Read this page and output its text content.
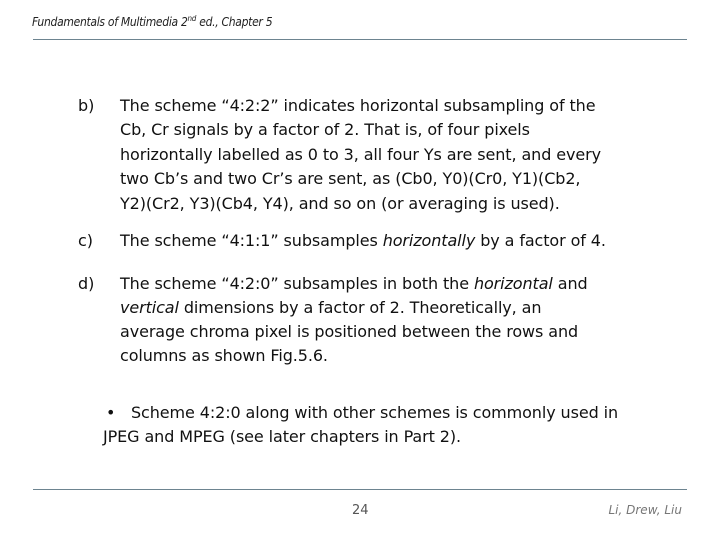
Fundamentals of Multimedia 2nd ed., Chapter 5
b) The scheme “4:2:2” indicates horizontal subsampling of the
Cb, Cr signals by a factor of 2. That is, of four pixels
horizontally labelled as 0 to 3, all four Ys are sent, and every
two Cb’s and two Cr’s are sent, as (Cb0, Y0)(Cr0, Y1)(Cb2,
Y2)(Cr2, Y3)(Cb4, Y4), and so on (or averaging is used).
c) The scheme “4:1:1” subsamples horizontally by a factor of 4.
d) The scheme “4:2:0” subsamples in both the horizontal and
vertical dimensions by a factor of 2. Theoretically, an
average chroma pixel is positioned between the rows and
columns as shown Fig.5.6.
• Scheme 4:2:0 along with other schemes is commonly used in
JPEG and MPEG (see later chapters in Part 2).
24	Li, Drew, Liu
